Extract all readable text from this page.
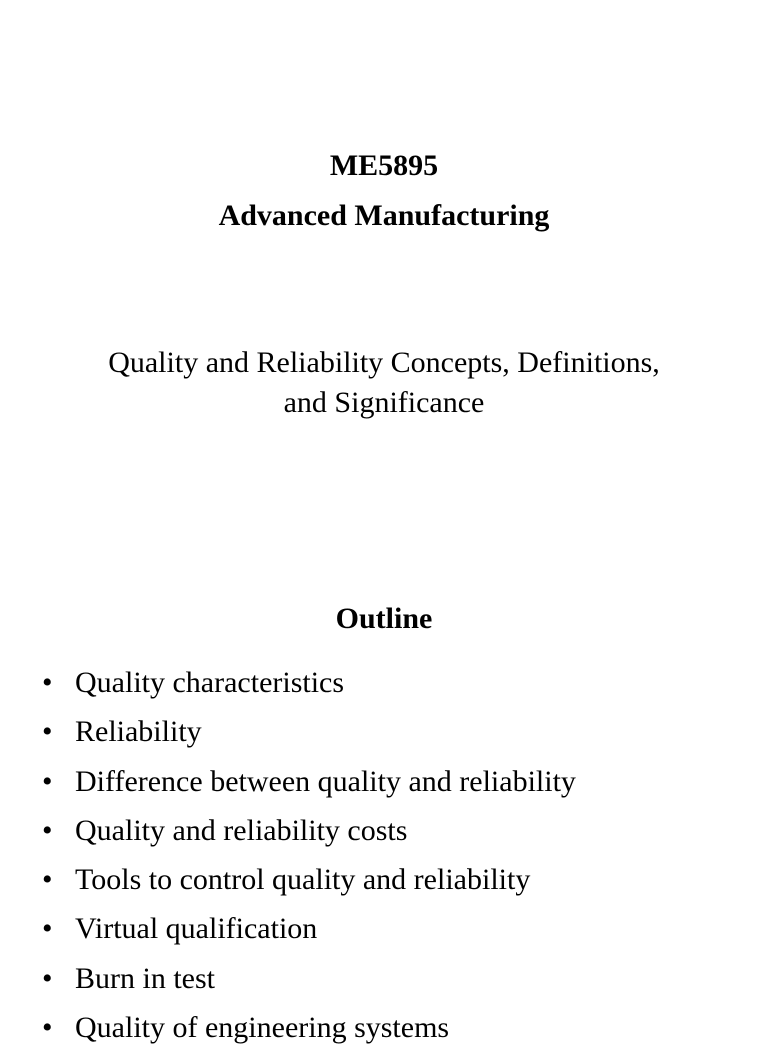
ME5895
Advanced Manufacturing
Quality and Reliability Concepts, Definitions,
and Significance
Outline
• Quality characteristics
• Reliability
• Difference between quality and reliability
• Quality and reliability costs
• Tools to control quality and reliability
• Virtual qualification
• Burn in test
• Quality of engineering systems
